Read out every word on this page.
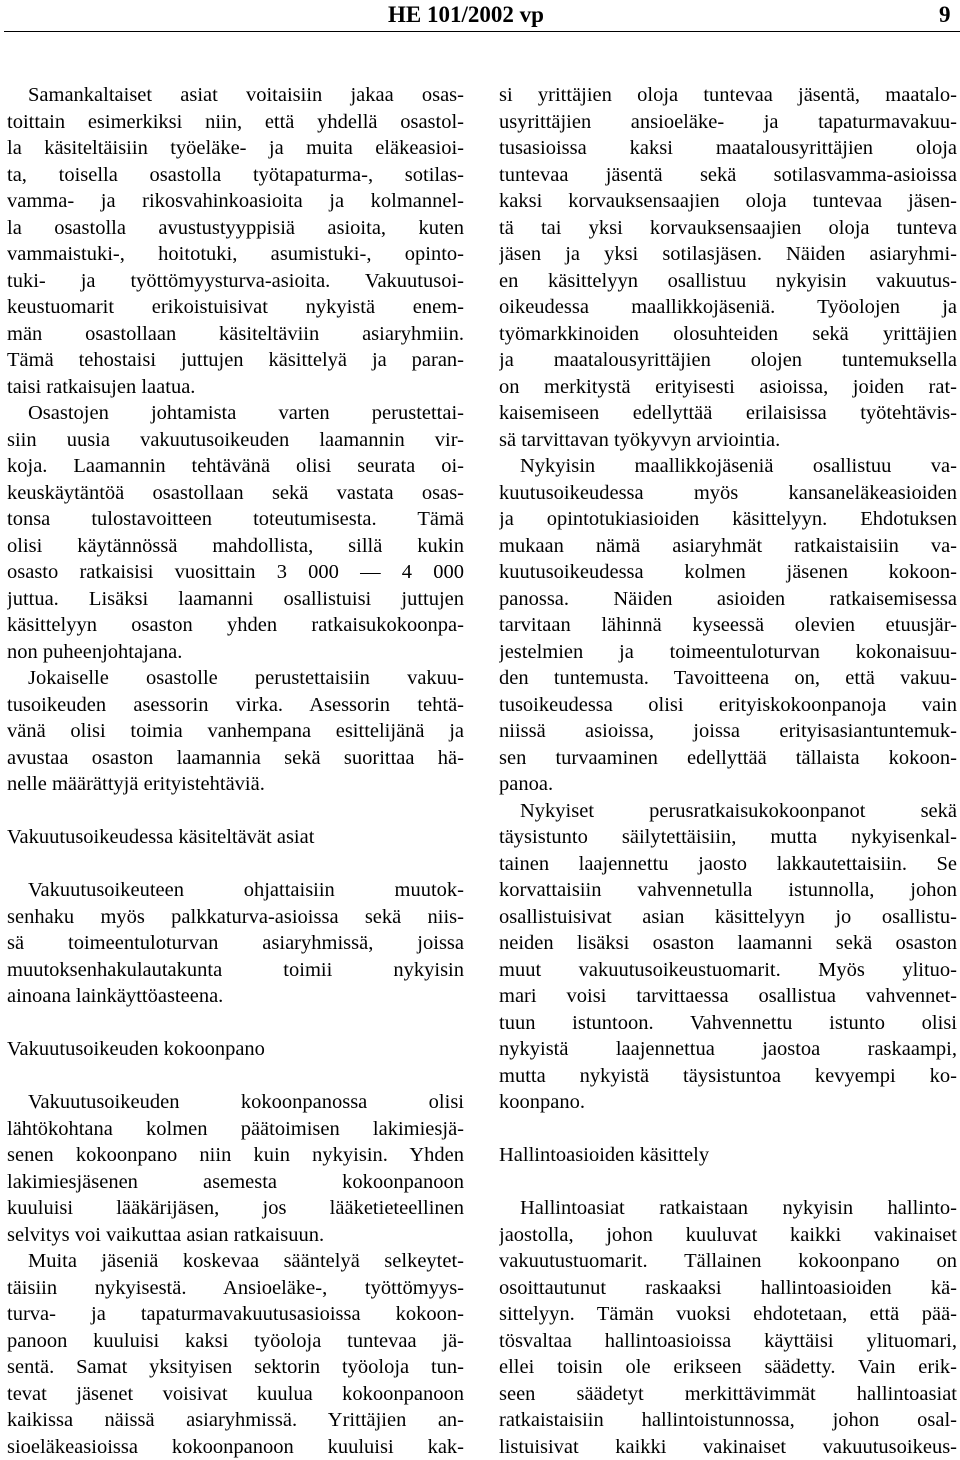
HE 101/2002 vp	9
Samankaltaiset asiat voitaisiin jakaa osas-
toittain esimerkiksi niin, että yhdellä osastol-
la käsiteltäisiin työeläke- ja muita eläkeasioi-
ta, toisella osastolla työtapaturma-, sotilas-
vamma- ja rikosvahinkoasioita ja kolmannel-
la osastolla avustustyyppisiä asioita, kuten
vammaistuki-, hoitotuki, asumistuki-, opinto-
tuki- ja työttömyysturva-asioita. Vakuutusoi-
keustuomarit erikoistuisivat nykyistä enem-
män osastollaan käsiteltäviin asiaryhmiin.
Tämä tehostaisi juttujen käsittelyä ja paran-
taisi ratkaisujen laatua.
Osastojen johtamista varten perustettai-
siin uusia vakuutusoikeuden laamannin vir-
koja. Laamannin tehtävänä olisi seurata oi-
keuskäytäntöä osastollaan sekä vastata osas-
tonsa tulostavoitteen toteutumisesta. Tämä
olisi käytännössä mahdollista, sillä kukin
osasto ratkaisisi vuosittain 3 000 — 4 000
juttua. Lisäksi laamanni osallistuisi juttujen
käsittelyyn osaston yhden ratkaisukokoonpa-
non puheenjohtajana.
Jokaiselle osastolle perustettaisiin vakuu-
tusoikeuden asessorin virka. Asessorin tehtä-
vänä olisi toimia vanhempana esittelijänä ja
avustaa osaston laamannia sekä suorittaa hä-
nelle määrättyjä erityistehtäviä.
Vakuutusoikeudessa käsiteltävät asiat
Vakuutusoikeuteen ohjattaisiin muutok-
senhaku myös palkkaturva-asioissa sekä niis-
sä toimeentuloturvan asiaryhmissä, joissa
muutoksenhakulautakunta toimii nykyisin
ainoana lainkäyttöasteena.
Vakuutusoikeuden kokoonpano
Vakuutusoikeuden kokoonpanossa olisi
lähtökohtana kolmen päätoimisen lakimiesjä-
senen kokoonpano niin kuin nykyisin. Yhden
lakimiesjäsenen asemesta kokoonpanoon
kuuluisi lääkärijäsen, jos lääketieteellinen
selvitys voi vaikuttaa asian ratkaisuun.
Muita jäseniä koskevaa sääntelyä selkeytet-
täisiin nykyisestä. Ansioeläke-, työttömyys-
turva- ja tapaturmavakuutusasioissa kokoon-
panoon kuuluisi kaksi työoloja tuntevaa jä-
sentä. Samat yksityisen sektorin työoloja tun-
tevat jäsenet voisivat kuulua kokoonpanoon
kaikissa näissä asiaryhmissä. Yrittäjien an-
sioeläkeasioissa kokoonpanoon kuuluisi kak-
si yrittäjien oloja tuntevaa jäsentä, maatalo-
usyrittäjien ansioeläke- ja tapaturmavakuu-
tusasioissa kaksi maatalousyrittäjien oloja
tuntevaa jäsentä sekä sotilasvamma-asioissa
kaksi korvauksensaajien oloja tuntevaa jäsen-
tä tai yksi korvauksensaajien oloja tunteva
jäsen ja yksi sotilasjäsen. Näiden asiaryhmi-
en käsittelyyn osallistuu nykyisin vakuutus-
oikeudessa maallikkojäseniä. Työolojen ja
työmarkkinoiden olosuhteiden sekä yrittäjien
ja maatalousyrittäjien olojen tuntemuksella
on merkitystä erityisesti asioissa, joiden rat-
kaisemiseen edellyttää erilaisissa työtehtävis-
sä tarvittavan työkyvyn arviointia.
Nykyisin maallikkojäseniä osallistuu va-
kuutusoikeudessa myös kansaneläkeasioiden
ja opintotukiasioiden käsittelyyn. Ehdotuksen
mukaan nämä asiaryhmät ratkaistaisiin va-
kuutusoikeudessa kolmen jäsenen kokoon-
panossa. Näiden asioiden ratkaisemisessa
tarvitaan lähinnä kyseessä olevien etuusjär-
jestelmien ja toimeentuloturvan kokonaisuu-
den tuntemusta. Tavoitteena on, että vakuu-
tusoikeudessa olisi erityiskokoonpanoja vain
niissä asioissa, joissa erityisasiantuntemuk-
sen turvaaminen edellyttää tällaista kokoon-
panoa.
Nykyiset perusratkaisukokoonpanot sekä
täysistunto säilytettäisiin, mutta nykyisenkal-
tainen laajennettu jaosto lakkautettaisiin. Se
korvattaisiin vahvennetulla istunnolla, johon
osallistuisivat asian käsittelyyn jo osallistu-
neiden lisäksi osaston laamanni sekä osaston
muut vakuutusoikeustuomarit. Myös ylituo-
mari voisi tarvittaessa osallistua vahvennet-
tuun istuntoon. Vahvennettu istunto olisi
nykyistä laajennettua jaostoa raskaampi,
mutta nykyistä täysistuntoa kevyempi ko-
koonpano.
Hallintoasioiden käsittely
Hallintoasiat ratkaistaan nykyisin hallinto-
jaostolla, johon kuuluvat kaikki vakinaiset
vakuutustuomarit. Tällainen kokoonpano on
osoittautunut raskaaksi hallintoasioiden kä-
sittelyyn. Tämän vuoksi ehdotetaan, että pää-
tösvaltaa hallintoasioissa käyttäisi ylituomari,
ellei toisin ole erikseen säädetty. Vain erik-
seen säädetyt merkittävimmät hallintoasiat
ratkaistaisiin hallintoistunnossa, johon osal-
listuisivat kaikki vakinaiset vakuutusoikeus-
